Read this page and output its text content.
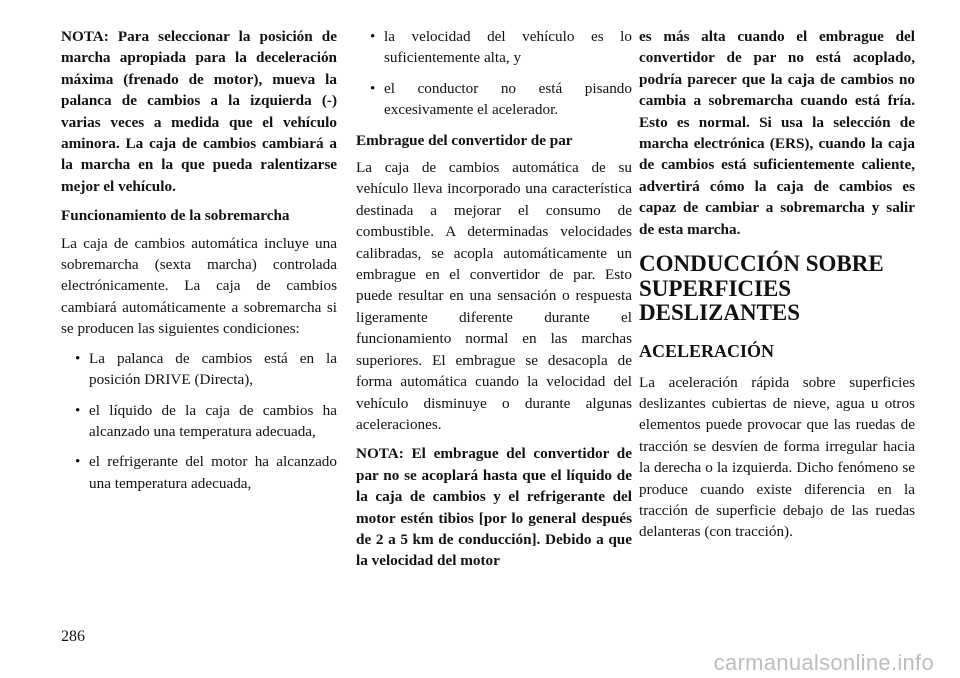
NOTA: Para seleccionar la posición de marcha apropiada para la deceleración máxima (frenado de motor), mueva la palanca de cambios a la izquierda (-) varias veces a medida que el vehículo aminora. La caja de cambios cambiará a la marcha en la que pueda ralentizarse mejor el vehículo.

Funcionamiento de la sobremarcha

La caja de cambios automática incluye una sobremarcha (sexta marcha) controlada electrónicamente. La caja de cambios cambiará automáticamente a sobremarcha si se producen las siguientes condiciones:

• La palanca de cambios está en la posición DRIVE (Directa),
• el líquido de la caja de cambios ha alcanzado una temperatura adecuada,
• el refrigerante del motor ha alcanzado una temperatura adecuada,
• la velocidad del vehículo es lo suficientemente alta, y
• el conductor no está pisando excesivamente el acelerador.

Embrague del convertidor de par

La caja de cambios automática de su vehículo lleva incorporado una característica destinada a mejorar el consumo de combustible. A determinadas velocidades calibradas, se acopla automáticamente un embrague en el convertidor de par. Esto puede resultar en una sensación o respuesta ligeramente diferente durante el funcionamiento normal en las marchas superiores. El embrague se desacopla de forma automática cuando la velocidad del vehículo disminuye o durante algunas aceleraciones.

NOTA: El embrague del convertidor de par no se acoplará hasta que el líquido de la caja de cambios y el refrigerante del motor estén tibios [por lo general después de 2 a 5 km de conducción]. Debido a que la velocidad del motor

es más alta cuando el embrague del convertidor de par no está acoplado, podría parecer que la caja de cambios no cambia a sobremarcha cuando está fría. Esto es normal. Si usa la selección de marcha electrónica (ERS), cuando la caja de cambios está suficientemente caliente, advertirá cómo la caja de cambios es capaz de cambiar a sobremarcha y salir de esta marcha.

CONDUCCIÓN SOBRE SUPERFICIES DESLIZANTES
ACELERACIÓN

La aceleración rápida sobre superficies deslizantes cubiertas de nieve, agua u otros elementos puede provocar que las ruedas de tracción se desvíen de forma irregular hacia la derecha o la izquierda. Dicho fenómeno se produce cuando existe diferencia en la tracción de superficie debajo de las ruedas delanteras (con tracción).

286
carmanualsonline.info
